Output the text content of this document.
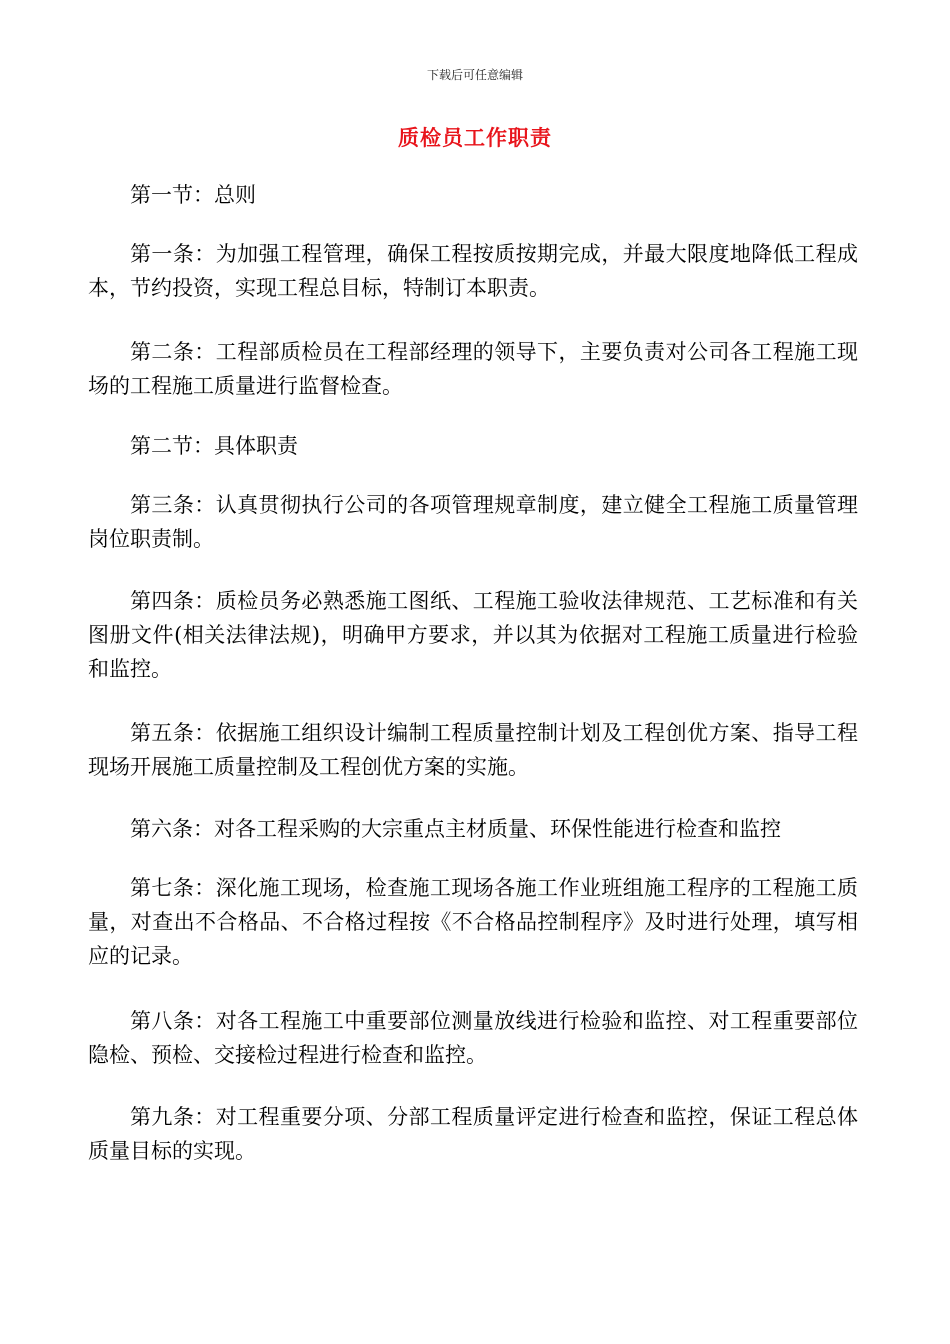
下载后可任意编辑
质检员工作职责

第一节：总则

第一条：为加强工程管理，确保工程按质按期完成，并最大限度地降低工程成本，节约投资，实现工程总目标，特制订本职责。

第二条：工程部质检员在工程部经理的领导下，主要负责对公司各工程施工现场的工程施工质量进行监督检查。

第二节：具体职责

第三条：认真贯彻执行公司的各项管理规章制度，建立健全工程施工质量管理岗位职责制。

第四条：质检员务必熟悉施工图纸、工程施工验收法律规范、工艺标准和有关图册文件(相关法律法规)，明确甲方要求，并以其为依据对工程施工质量进行检验和监控。

第五条：依据施工组织设计编制工程质量控制计划及工程创优方案、指导工程现场开展施工质量控制及工程创优方案的实施。

第六条：对各工程采购的大宗重点主材质量、环保性能进行检查和监控

第七条：深化施工现场，检查施工现场各施工作业班组施工程序的工程施工质量，对查出不合格品、不合格过程按《不合格品控制程序》及时进行处理，填写相应的记录。

第八条：对各工程施工中重要部位测量放线进行检验和监控、对工程重要部位隐检、预检、交接检过程进行检查和监控。

第九条：对工程重要分项、分部工程质量评定进行检查和监控，保证工程总体质量目标的实现。
